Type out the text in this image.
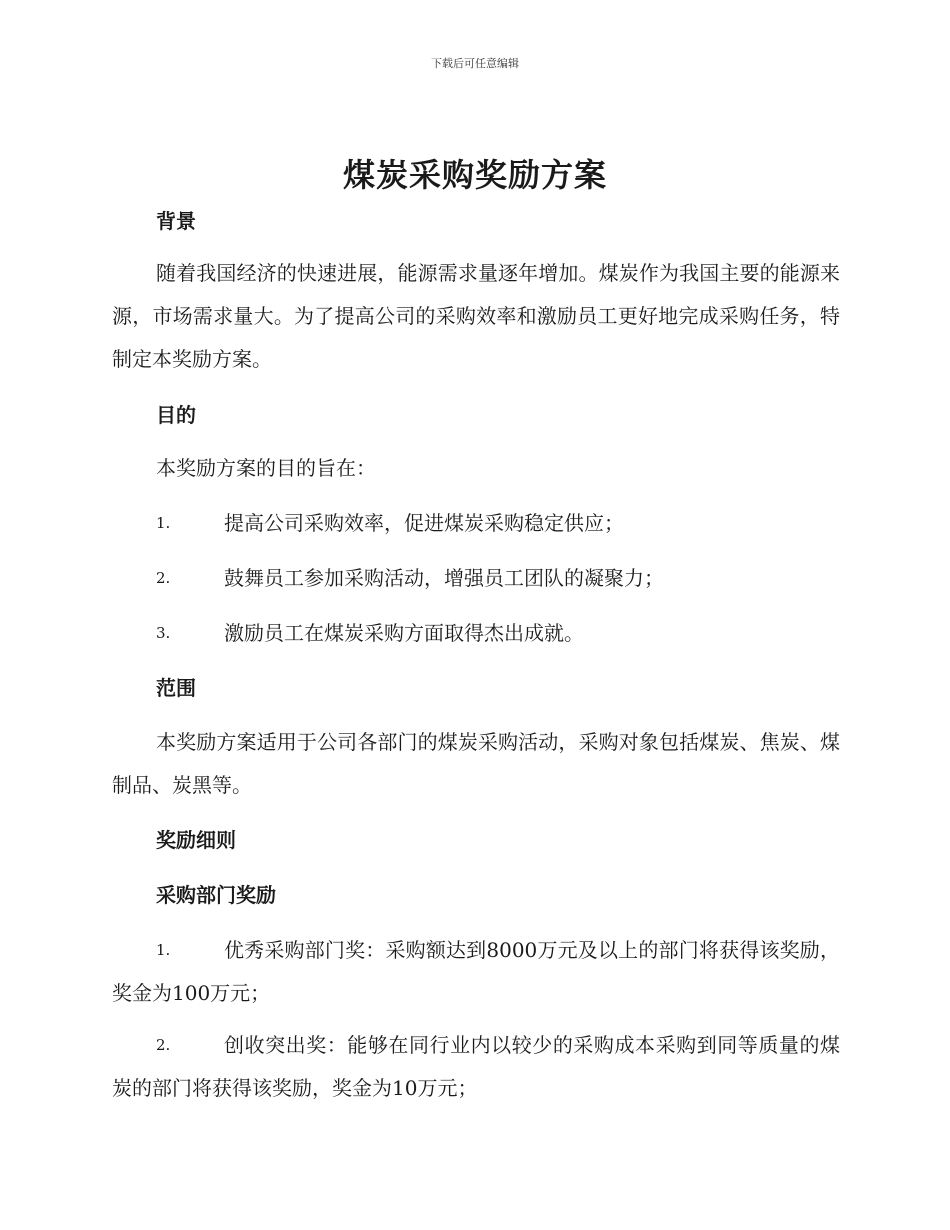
下载后可任意编辑
煤炭采购奖励方案
背景

随着我国经济的快速进展，能源需求量逐年增加。煤炭作为我国主要的能源来源，市场需求量大。为了提高公司的采购效率和激励员工更好地完成采购任务，特制定本奖励方案。

目的

本奖励方案的目的旨在：

1.	提高公司采购效率，促进煤炭采购稳定供应；
2.	鼓舞员工参加采购活动，增强员工团队的凝聚力；
3.	激励员工在煤炭采购方面取得杰出成就。
范围

本奖励方案适用于公司各部门的煤炭采购活动，采购对象包括煤炭、焦炭、煤制品、炭黑等。

奖励细则
采购部门奖励
1.	优秀采购部门奖：采购额达到8000万元及以上的部门将获得该奖励，奖金为100万元；
2.	创收突出奖：能够在同行业内以较少的采购成本采购到同等质量的煤炭的部门将获得该奖励，奖金为10万元；
